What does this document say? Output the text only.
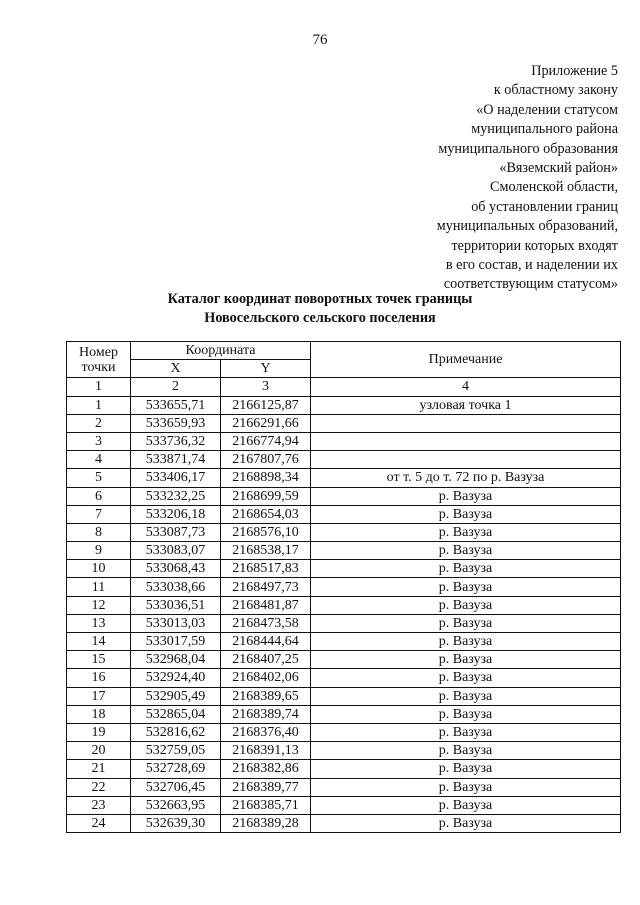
76
Приложение 5
к областному закону
«О наделении статусом
муниципального района
муниципального образования
«Вяземский район»
Смоленской области,
об установлении границ
муниципальных образований,
территории которых входят
в его состав, и наделении их
соответствующим статусом»
Каталог координат поворотных точек границы
Новосельского сельского поселения
Номер
точки	Координата		Примечание
	X	Y	
1	2	3	4
1	533655,71	2166125,87	узловая точка 1
2	533659,93	2166291,66	
3	533736,32	2166774,94	
4	533871,74	2167807,76	
5	533406,17	2168898,34	от т. 5 до т. 72 по р. Вазуза
6	533232,25	2168699,59	р. Вазуза
7	533206,18	2168654,03	р. Вазуза
8	533087,73	2168576,10	р. Вазуза
9	533083,07	2168538,17	р. Вазуза
10	533068,43	2168517,83	р. Вазуза
11	533038,66	2168497,73	р. Вазуза
12	533036,51	2168481,87	р. Вазуза
13	533013,03	2168473,58	р. Вазуза
14	533017,59	2168444,64	р. Вазуза
15	532968,04	2168407,25	р. Вазуза
16	532924,40	2168402,06	р. Вазуза
17	532905,49	2168389,65	р. Вазуза
18	532865,04	2168389,74	р. Вазуза
19	532816,62	2168376,40	р. Вазуза
20	532759,05	2168391,13	р. Вазуза
21	532728,69	2168382,86	р. Вазуза
22	532706,45	2168389,77	р. Вазуза
23	532663,95	2168385,71	р. Вазуза
24	532639,30	2168389,28	р. Вазуза
